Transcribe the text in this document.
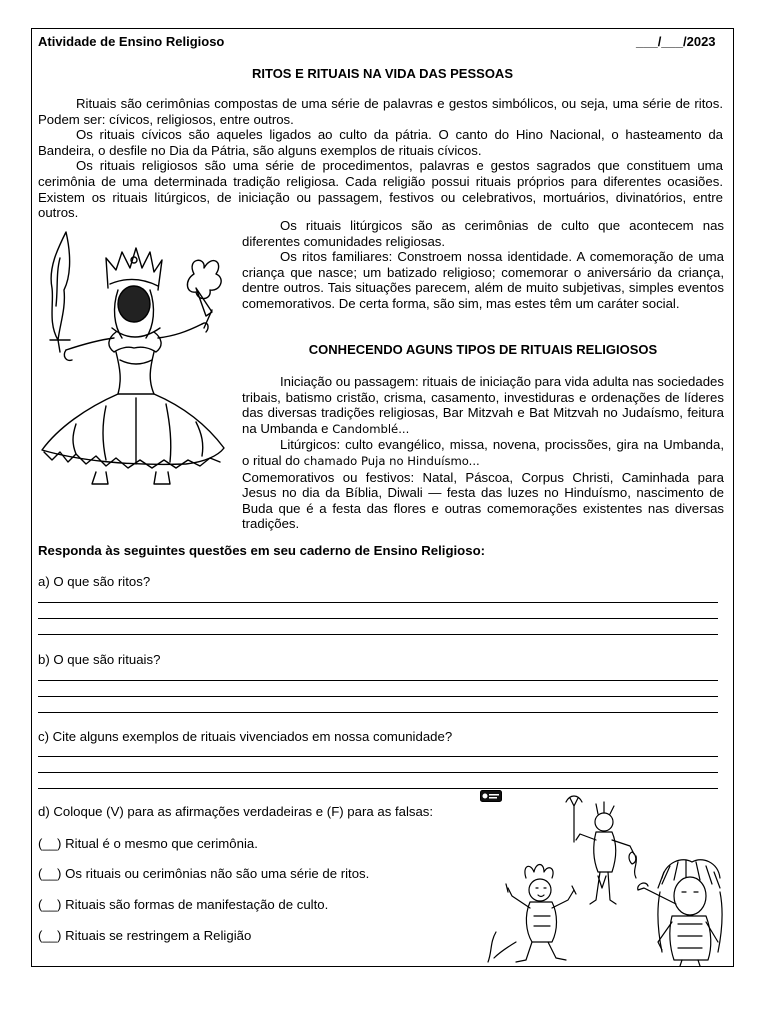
Atividade de Ensino Religioso	___/___/2023
RITOS E RITUAIS NA VIDA DAS PESSOAS

Rituais são cerimônias compostas de uma série de palavras e gestos simbólicos, ou seja, uma série de ritos. Podem ser: cívicos, religiosos, entre outros.

Os rituais cívicos são aqueles ligados ao culto da pátria. O canto do Hino Nacional, o hasteamento da Bandeira, o desfile no Dia da Pátria, são alguns exemplos de rituais cívicos.

Os rituais religiosos são uma série de procedimentos, palavras e gestos sagrados que constituem uma cerimônia de uma determinada tradição religiosa. Cada religião possui rituais próprios para diferentes ocasiões. Existem os rituais litúrgicos, de iniciação ou passagem, festivos ou celebrativos, mortuários, divinatórios, entre outros.

Os rituais litúrgicos são as cerimônias de culto que acontecem nas diferentes comunidades religiosas.

Os ritos familiares: Constroem nossa identidade. A comemoração de uma criança que nasce; um batizado religioso; comemorar o aniversário da criança, dentre outros. Tais situações parecem, além de muito subjetivas, simples eventos comemorativos. De certa forma, são sim, mas estes têm um caráter social.

CONHECENDO AGUNS TIPOS DE RITUAIS RELIGIOSOS

Iniciação ou passagem: rituais de iniciação para vida adulta nas sociedades tribais, batismo cristão, crisma, casamento, investiduras e ordenações de líderes das diversas tradições religiosas, Bar Mitzvah e Bat Mitzvah no Judaísmo, feitura na Umbanda e Candomblé...

Litúrgicos: culto evangélico, missa, novena, procissões, gira na Umbanda, o ritual do chamado Puja no Hinduísmo...

Comemorativos ou festivos: Natal, Páscoa, Corpus Christi, Caminhada para Jesus no dia da Bíblia, Diwali — festa das luzes no Hinduísmo, nascimento de Buda que é a festa das flores e outras comemorações existentes nas diversas tradições.

Responda às seguintes questões em seu caderno de Ensino Religioso:
a) O que são ritos?
b) O que são rituais?
c) Cite alguns exemplos de rituais vivenciados em nossa comunidade?
d) Coloque (V) para as afirmações verdadeiras e (F) para as falsas:
(__) Ritual é o mesmo que cerimônia.
(__) Os rituais ou cerimônias não são uma série de ritos.
(__) Rituais são formas de manifestação de culto.
(__) Rituais se restringem a Religião
